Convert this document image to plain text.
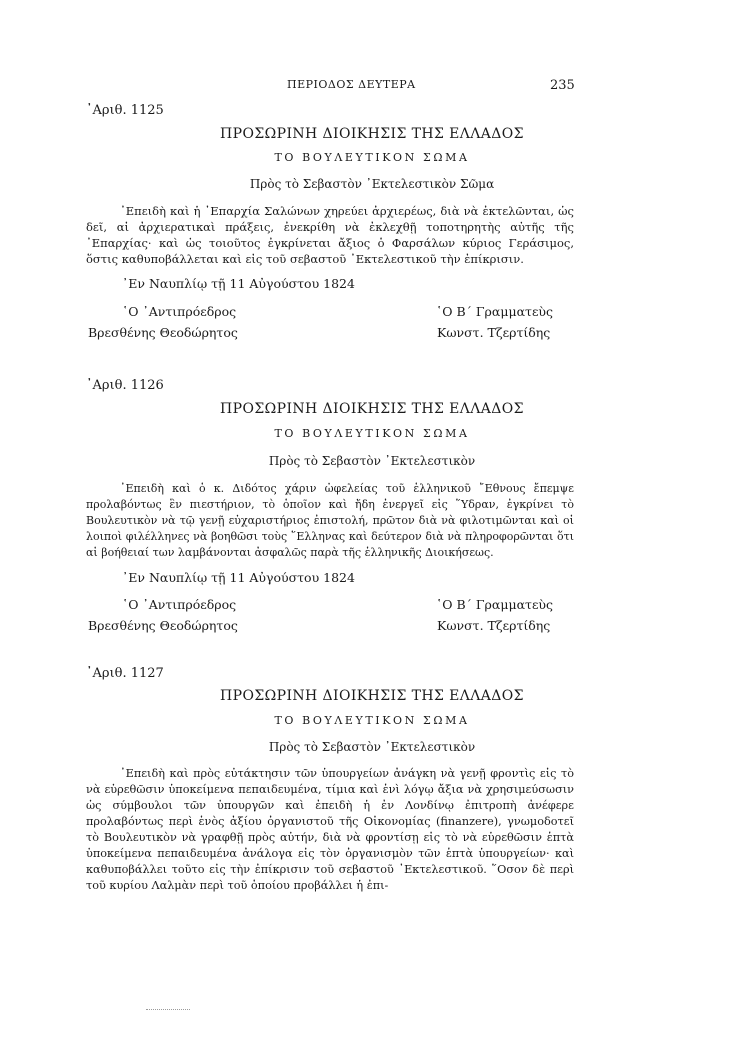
ΠΕΡΙΟΔΟΣ ΔΕΥΤΕΡΑ	235
᾿Αριθ. 1125
ΠΡΟΣΩΡΙΝΗ ΔΙΟΙΚΗΣΙΣ ΤΗΣ ΕΛΛΑΔΟΣ
ΤΟ ΒΟΥΛΕΥΤΙΚΟΝ ΣΩΜΑ
Πρὸς τὸ Σεβαστὸν ᾿Εκτελεστικὸν Σῶμα
᾿Επειδὴ καὶ ἡ ᾿Επαρχία Σαλώνων χηρεύει ἀρχιερέως, διὰ νὰ ἐκτελῶνται, ὡς δεῖ, αἱ ἀρχιερατικαὶ πράξεις, ἐνεκρίθη νὰ ἐκλεχθῇ τοποτηρητὴς αὐτῆς τῆς ᾿Επαρχίας· καὶ ὡς τοιοῦτος ἐγκρίνεται ἄξιος ὁ Φαρσάλων κύριος Γεράσιμος, ὅστις καθυποβάλλεται καὶ εἰς τοῦ σεβαστοῦ ᾿Εκτελεστικοῦ τὴν ἐπίκρισιν.
᾿Εν Ναυπλίῳ τῇ 11 Αὐγούστου 1824
῾Ο ᾿Αντιπρόεδρος
Βρεσθένης Θεοδώρητος
῾Ο Β΄ Γραμματεὺς
Κωνστ. Τζερτίδης
᾿Αριθ. 1126
ΠΡΟΣΩΡΙΝΗ ΔΙΟΙΚΗΣΙΣ ΤΗΣ ΕΛΛΑΔΟΣ
ΤΟ ΒΟΥΛΕΥΤΙΚΟΝ ΣΩΜΑ
Πρὸς τὸ Σεβαστὸν ᾿Εκτελεστικὸν
᾿Επειδὴ καὶ ὁ κ. Διδότος χάριν ὠφελείας τοῦ ἑλληνικοῦ ῎Εθνους ἔπεμψε προλαβόντως ἓν πιεστήριον, τὸ ὁποῖον καὶ ἤδη ἐνεργεῖ εἰς ῞Υδραν, ἐγκρίνει τὸ Βουλευτικὸν νὰ τῷ γενῇ εὐχαριστήριος ἐπιστολή, πρῶτον διὰ νὰ φιλοτιμῶνται καὶ οἱ λοιποὶ φιλέλληνες νὰ βοηθῶσι τοὺς ῞Ελληνας καὶ δεύτερον διὰ νὰ πληροφορῶνται ὅτι αἱ βοήθειαί των λαμβάνονται ἀσφαλῶς παρὰ τῆς ἑλληνικῆς Διοικήσεως.
᾿Εν Ναυπλίῳ τῇ 11 Αὐγούστου 1824
῾Ο ᾿Αντιπρόεδρος
Βρεσθένης Θεοδώρητος
῾Ο Β΄ Γραμματεὺς
Κωνστ. Τζερτίδης
᾿Αριθ. 1127
ΠΡΟΣΩΡΙΝΗ ΔΙΟΙΚΗΣΙΣ ΤΗΣ ΕΛΛΑΔΟΣ
ΤΟ ΒΟΥΛΕΥΤΙΚΟΝ ΣΩΜΑ
Πρὸς τὸ Σεβαστὸν ᾿Εκτελεστικὸν
᾿Επειδὴ καὶ πρὸς εὐτάκτησιν τῶν ὑπουργείων ἀνάγκη νὰ γενῇ φροντὶς εἰς τὸ νὰ εὑρεθῶσιν ὑποκείμενα πεπαιδευμένα, τίμια καὶ ἑνὶ λόγῳ ἄξια νὰ χρησιμεύσωσιν ὡς σύμβουλοι τῶν ὑπουργῶν καὶ ἐπειδὴ ἡ ἐν Λονδίνῳ ἐπιτροπὴ ἀνέφερε προλαβόντως περὶ ἑνὸς ἀξίου ὀργανιστοῦ τῆς Οἰκονομίας (finanzere), γνωμοδοτεῖ τὸ Βουλευτικὸν νὰ γραφθῇ πρὸς αὐτήν, διὰ νὰ φροντίσῃ εἰς τὸ νὰ εὑρεθῶσιν ἑπτὰ ὑποκείμενα πεπαιδευμένα ἀνάλογα εἰς τὸν ὀργανισμὸν τῶν ἑπτὰ ὑπουργείων· καὶ καθυποβάλλει τοῦτο εἰς τὴν ἐπίκρισιν τοῦ σεβαστοῦ ᾿Εκτελεστικοῦ. ῞Οσον δὲ περὶ τοῦ κυρίου Λαλμὰν περὶ τοῦ ὁποίου προβάλλει ἡ ἐπι-
